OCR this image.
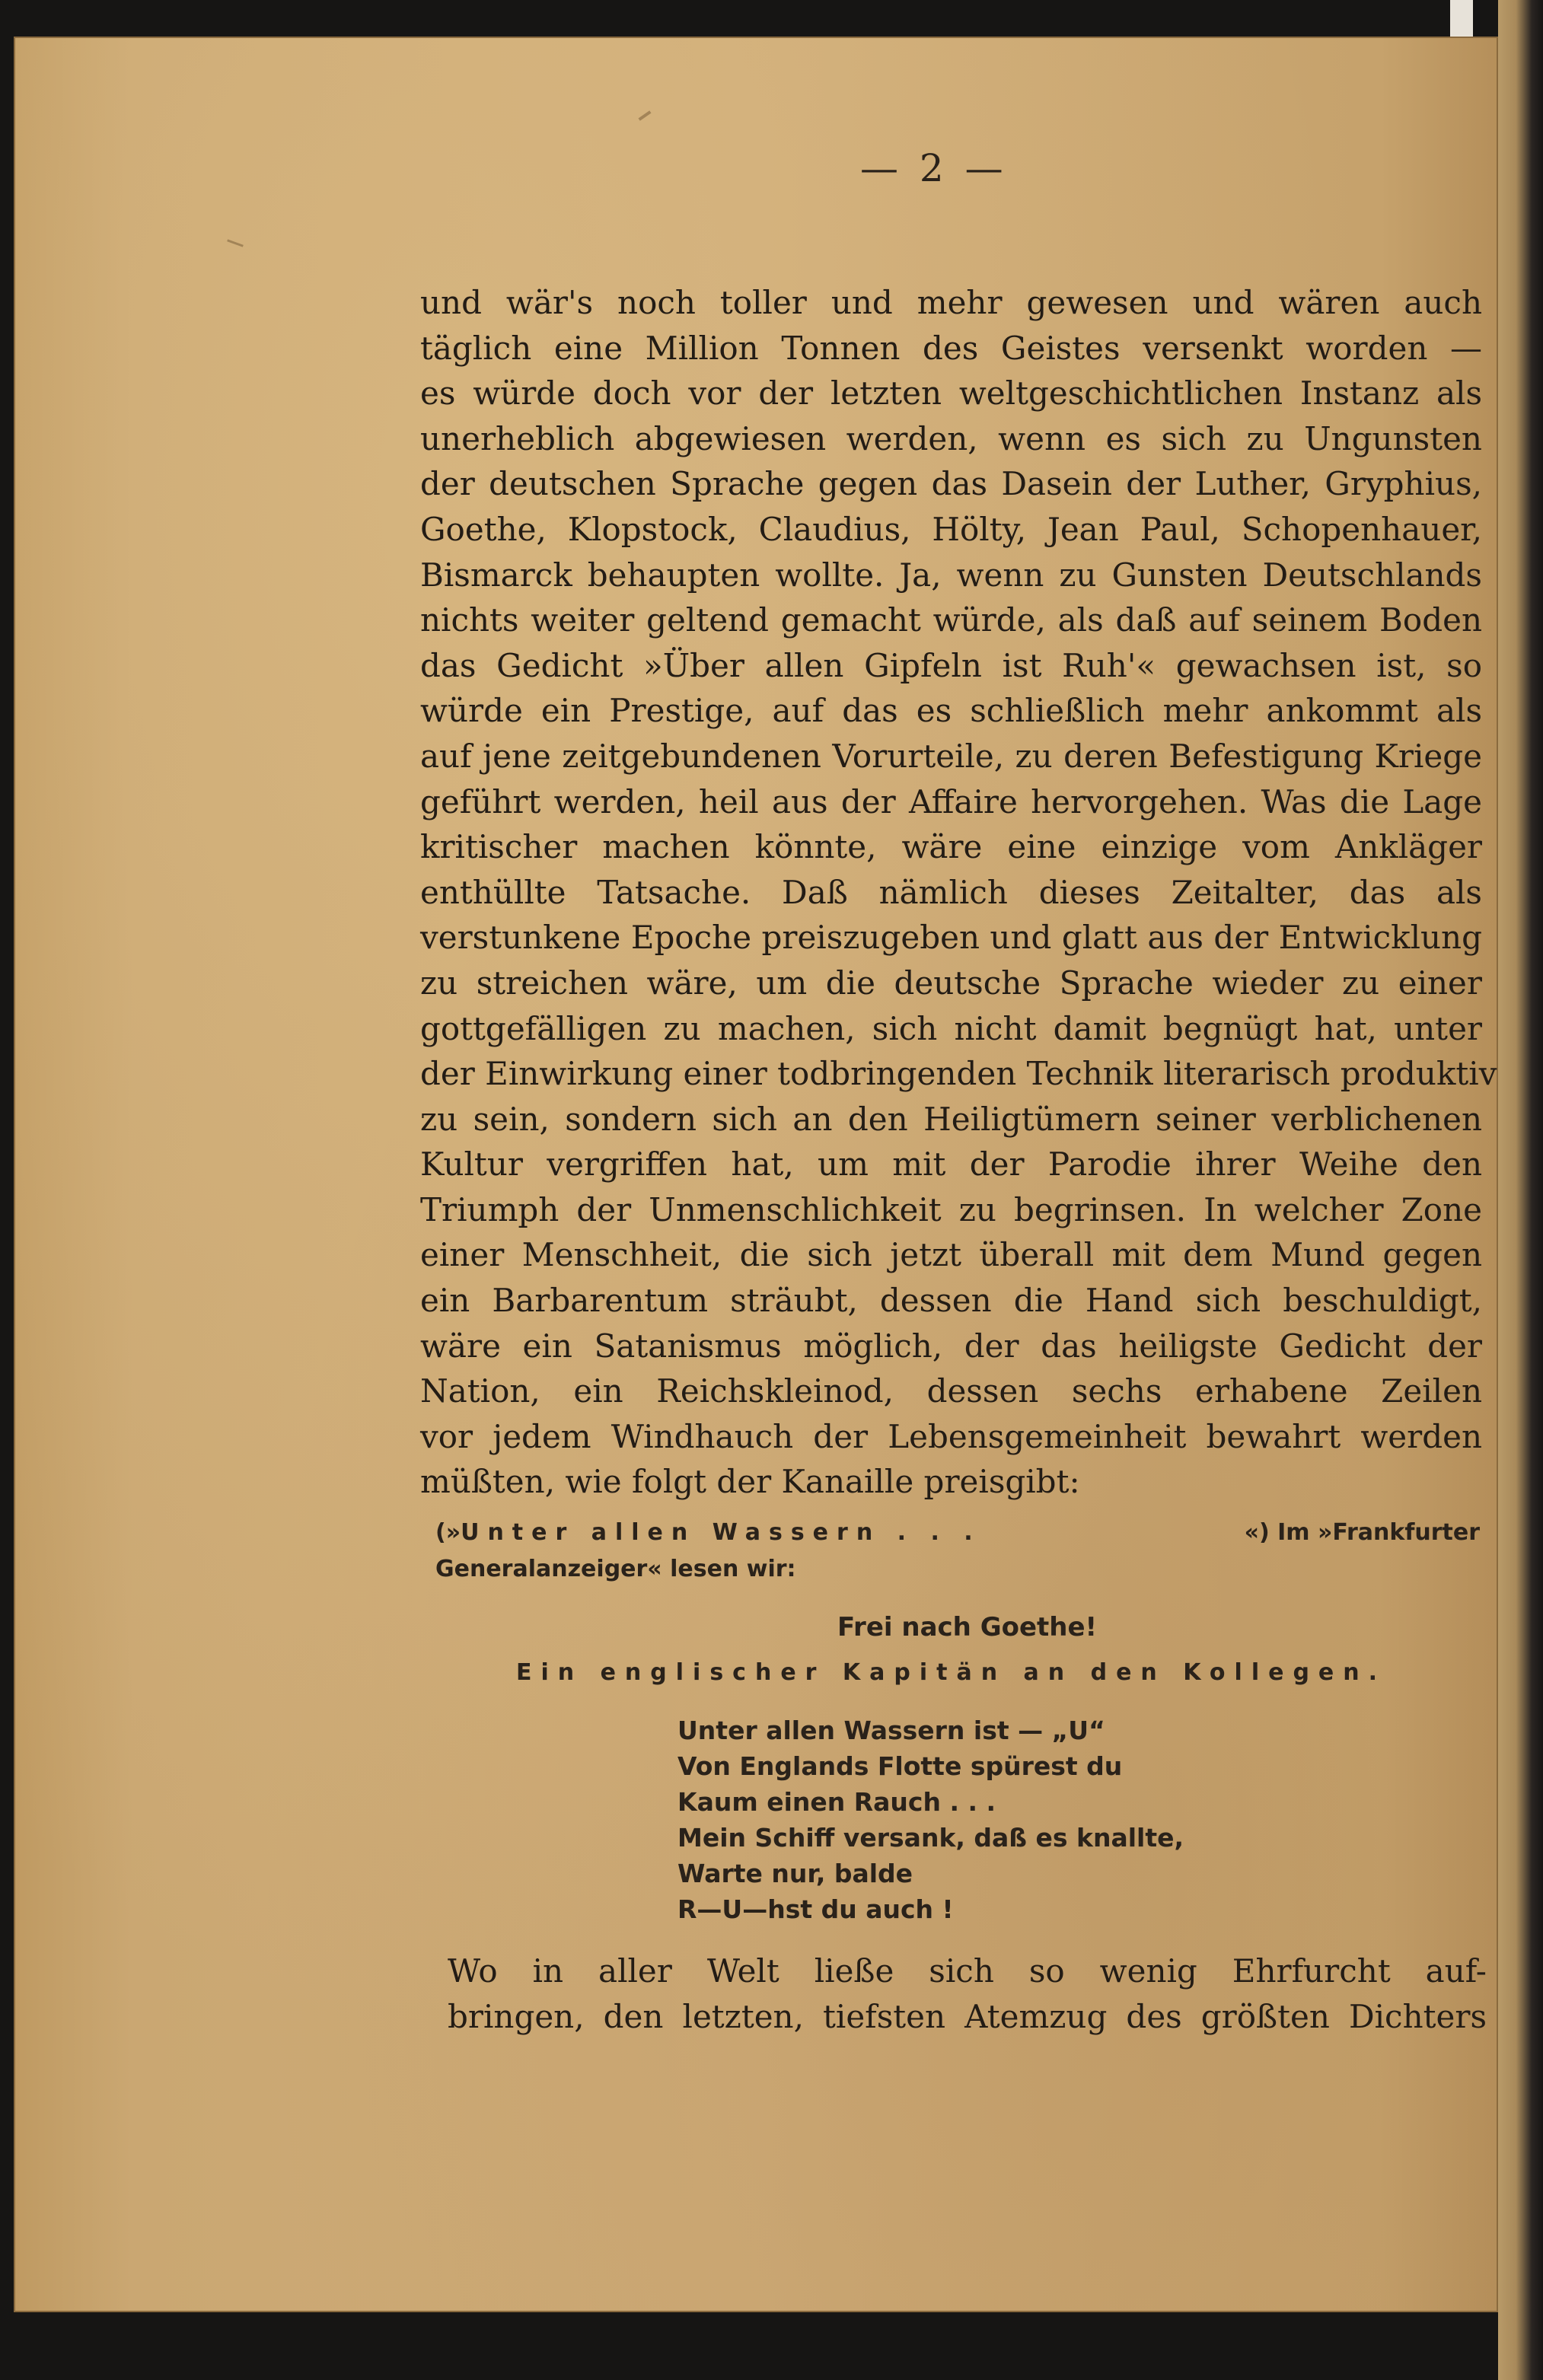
— 2 —
und wär's noch toller und mehr gewesen und wären auch
täglich eine Million Tonnen des Geistes versenkt worden —
es würde doch vor der letzten weltgeschichtlichen Instanz als
unerheblich abgewiesen werden, wenn es sich zu Ungunsten
der deutschen Sprache gegen das Dasein der Luther, Gryphius,
Goethe, Klopstock, Claudius, Hölty, Jean Paul, Schopenhauer,
Bismarck behaupten wollte. Ja, wenn zu Gunsten Deutschlands
nichts weiter geltend gemacht würde, als daß auf seinem Boden
das Gedicht »Über allen Gipfeln ist Ruh'« gewachsen ist, so
würde ein Prestige, auf das es schließlich mehr ankommt als
auf jene zeitgebundenen Vorurteile, zu deren Befestigung Kriege
geführt werden, heil aus der Affaire hervorgehen. Was die Lage
kritischer machen könnte, wäre eine einzige vom Ankläger
enthüllte Tatsache. Daß nämlich dieses Zeitalter, das als
verstunkene Epoche preiszugeben und glatt aus der Entwicklung
zu streichen wäre, um die deutsche Sprache wieder zu einer
gottgefälligen zu machen, sich nicht damit begnügt hat, unter
der Einwirkung einer todbringenden Technik literarisch produktiv
zu sein, sondern sich an den Heiligtümern seiner verblichenen
Kultur vergriffen hat, um mit der Parodie ihrer Weihe den
Triumph der Unmenschlichkeit zu begrinsen. In welcher Zone
einer Menschheit, die sich jetzt überall mit dem Mund gegen
ein Barbarentum sträubt, dessen die Hand sich beschuldigt,
wäre ein Satanismus möglich, der das heiligste Gedicht der
Nation, ein Reichskleinod, dessen sechs erhabene Zeilen
vor jedem Windhauch der Lebensgemeinheit bewahrt werden
müßten, wie folgt der Kanaille preisgibt:
(»Unter allen Wassern . . .	«) Im »Frankfurter
Generalanzeiger« lesen wir:
Frei nach Goethe!
Ein englischer Kapitän an den Kollegen.
Unter allen Wassern ist — „U“
Von Englands Flotte spürest du
Kaum einen Rauch . . .
Mein Schiff versank, daß es knallte,
Warte nur, balde
R—U—hst du auch !
Wo in aller Welt ließe sich so wenig Ehrfurcht auf-
bringen, den letzten, tiefsten Atemzug des größten Dichters
